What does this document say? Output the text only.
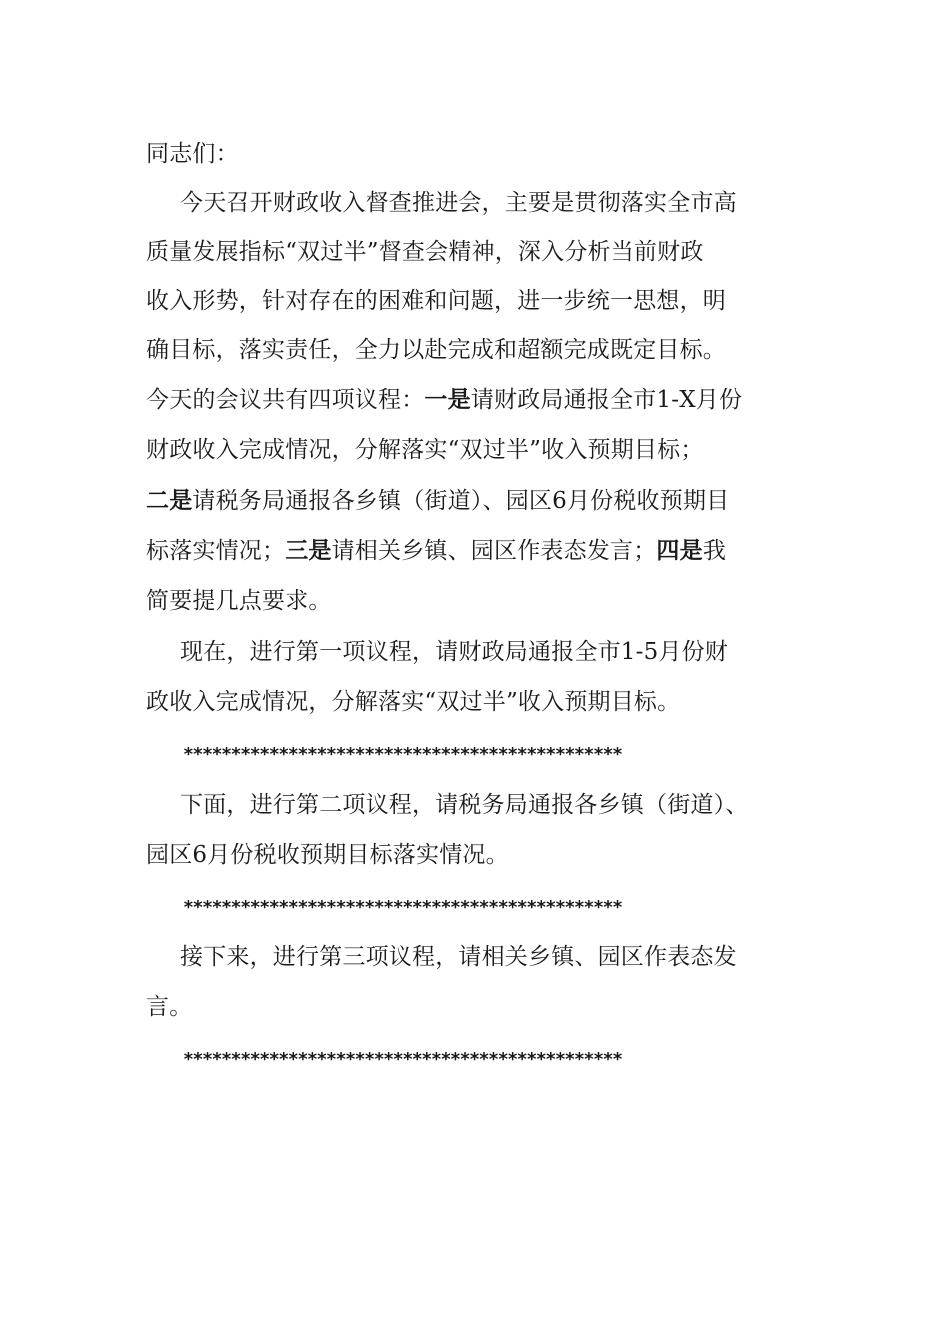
同志们：
今天召开财政收入督查推进会，主要是贯彻落实全市高
质量发展指标“双过半”督查会精神，深入分析当前财政
收入形势，针对存在的困难和问题，进一步统一思想，明
确目标，落实责任，全力以赴完成和超额完成既定目标。
今天的会议共有四项议程：一是请财政局通报全市1-X月份
财政收入完成情况，分解落实“双过半”收入预期目标；
二是请税务局通报各乡镇（街道）、园区6月份税收预期目
标落实情况；三是请相关乡镇、园区作表态发言；四是我
简要提几点要求。
现在，进行第一项议程，请财政局通报全市1-5月份财
政收入完成情况，分解落实“双过半”收入预期目标。
**********************************************
下面，进行第二项议程，请税务局通报各乡镇（街道）、
园区6月份税收预期目标落实情况。
**********************************************
接下来，进行第三项议程，请相关乡镇、园区作表态发
言。
**********************************************
